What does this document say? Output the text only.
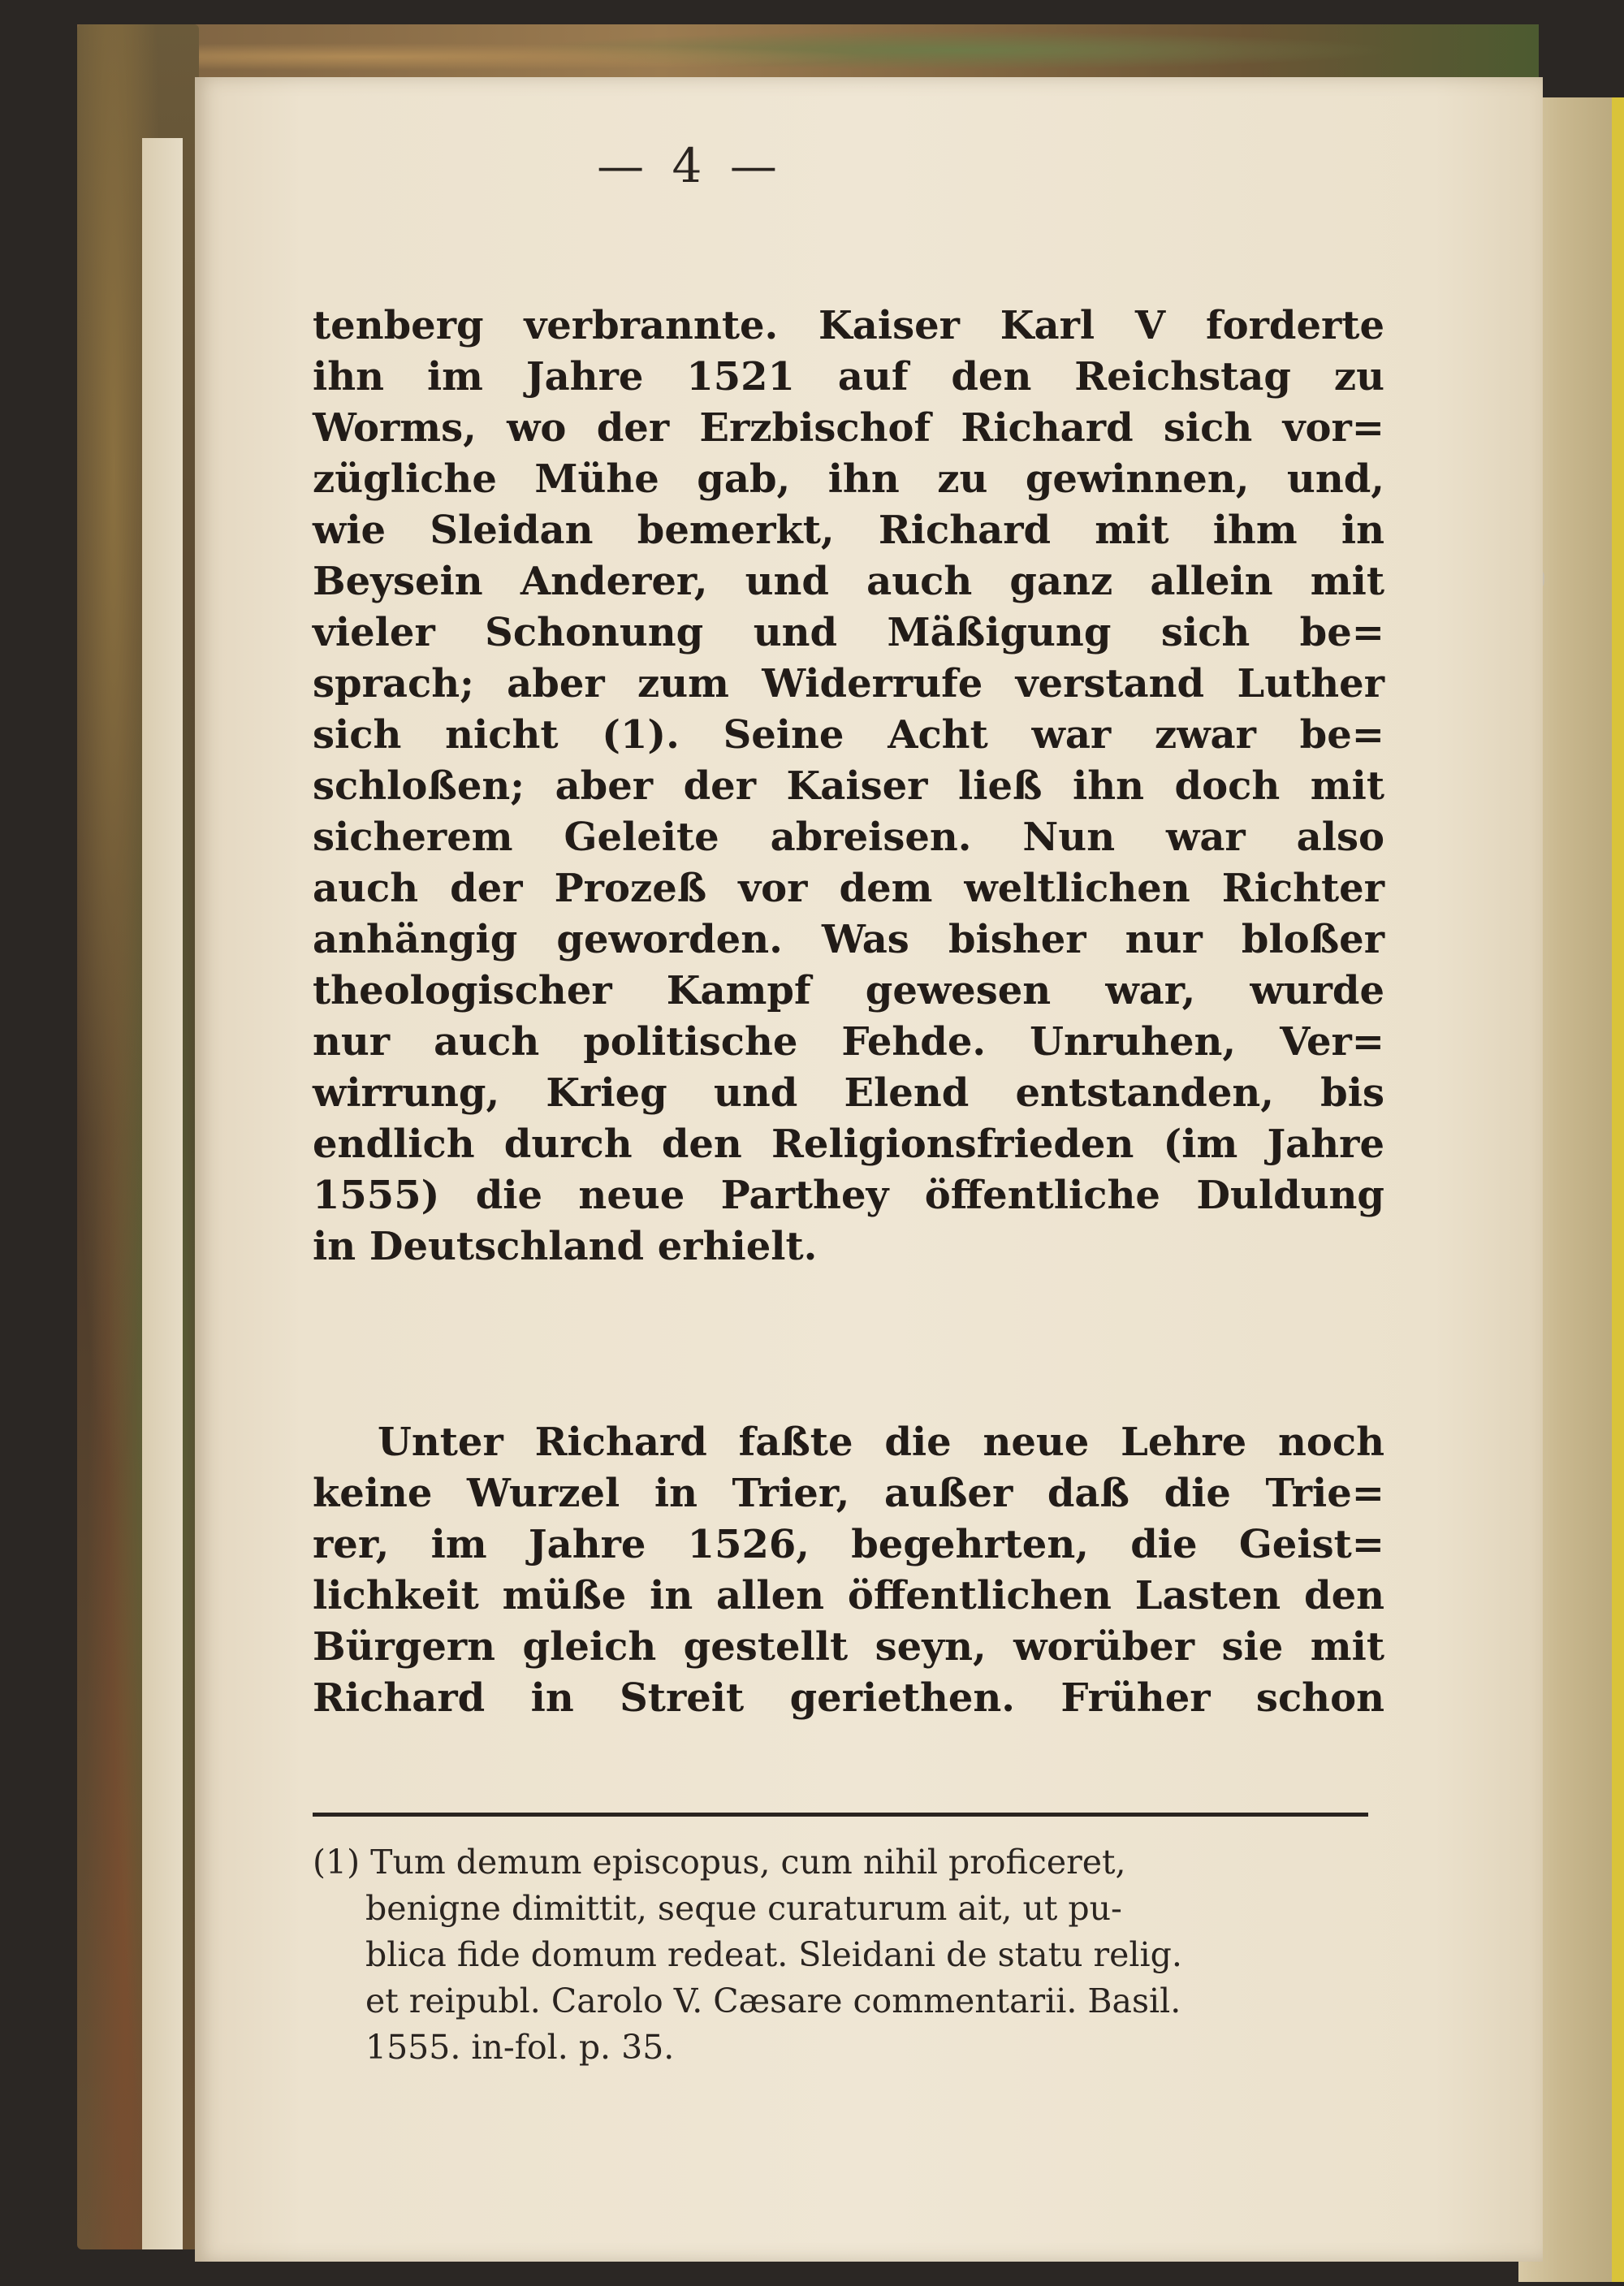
— 4 —
tenberg verbrannte. Kaiser Karl V forderte
ihn im Jahre 1521 auf den Reichstag zu
Worms, wo der Erzbischof Richard sich vor=
zügliche Mühe gab, ihn zu gewinnen, und,
wie Sleidan bemerkt, Richard mit ihm in
Beysein Anderer, und auch ganz allein mit
vieler Schonung und Mäßigung sich be=
sprach; aber zum Widerrufe verstand Luther
sich nicht (1). Seine Acht war zwar be=
schloßen; aber der Kaiser ließ ihn doch mit
sicherem Geleite abreisen. Nun war also
auch der Prozeß vor dem weltlichen Richter
anhängig geworden. Was bisher nur bloßer
theologischer Kampf gewesen war, wurde
nur auch politische Fehde. Unruhen, Ver=
wirrung, Krieg und Elend entstanden, bis
endlich durch den Religionsfrieden (im Jahre
1555) die neue Parthey öffentliche Duldung
in Deutschland erhielt.
Unter Richard faßte die neue Lehre noch
keine Wurzel in Trier, außer daß die Trie=
rer, im Jahre 1526, begehrten, die Geist=
lichkeit müße in allen öffentlichen Lasten den
Bürgern gleich gestellt seyn, worüber sie mit
Richard in Streit geriethen. Früher schon
(1) Tum demum episcopus, cum nihil proficeret,
benigne dimittit, seque curaturum ait, ut pu-
blica fide domum redeat. Sleidani de statu relig.
et reipubl. Carolo V. Cæsare commentarii. Basil.
1555. in-fol. p. 35.
